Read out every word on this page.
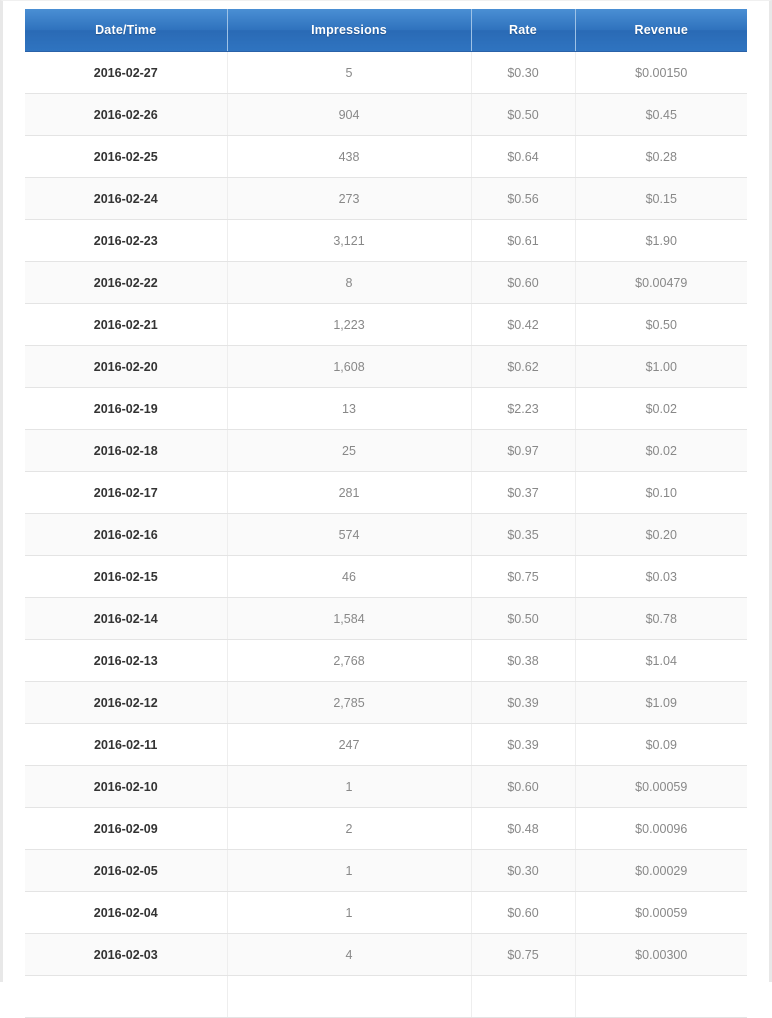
Date/Time	Impressions	Rate	Revenue
2016-02-27	5	$0.30	$0.00150
2016-02-26	904	$0.50	$0.45
2016-02-25	438	$0.64	$0.28
2016-02-24	273	$0.56	$0.15
2016-02-23	3,121	$0.61	$1.90
2016-02-22	8	$0.60	$0.00479
2016-02-21	1,223	$0.42	$0.50
2016-02-20	1,608	$0.62	$1.00
2016-02-19	13	$2.23	$0.02
2016-02-18	25	$0.97	$0.02
2016-02-17	281	$0.37	$0.10
2016-02-16	574	$0.35	$0.20
2016-02-15	46	$0.75	$0.03
2016-02-14	1,584	$0.50	$0.78
2016-02-13	2,768	$0.38	$1.04
2016-02-12	2,785	$0.39	$1.09
2016-02-11	247	$0.39	$0.09
2016-02-10	1	$0.60	$0.00059
2016-02-09	2	$0.48	$0.00096
2016-02-05	1	$0.30	$0.00029
2016-02-04	1	$0.60	$0.00059
2016-02-03	4	$0.75	$0.00300
